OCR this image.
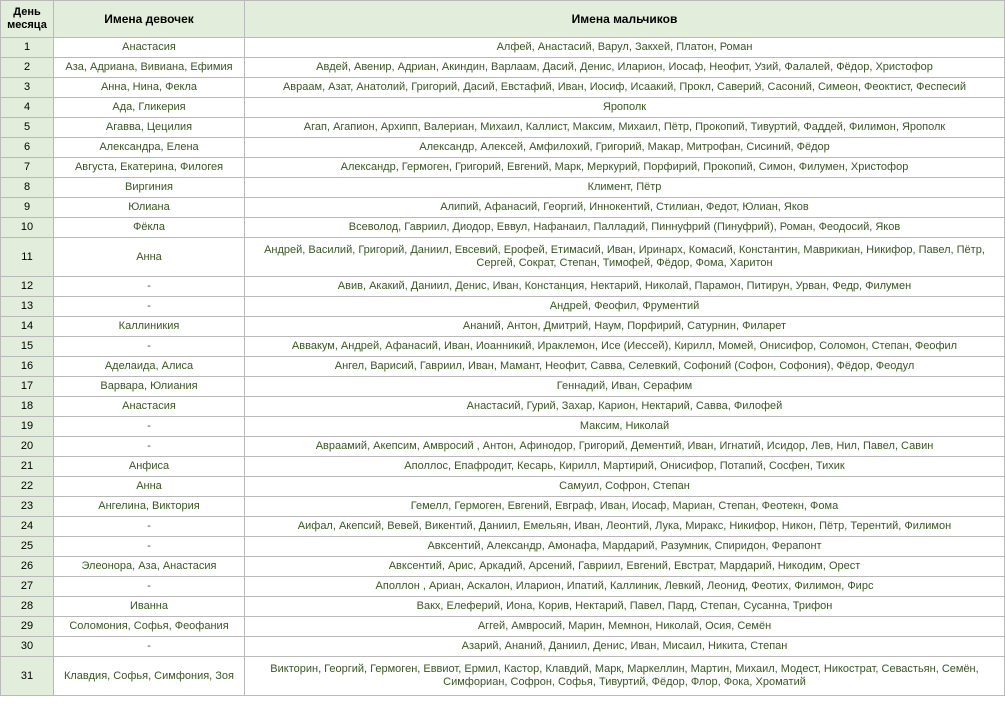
День месяца	Имена девочек	Имена мальчиков
1	Анастасия	Алфей, Анастасий, Варул, Закхей, Платон, Роман
2	Аза, Адриана, Вивиана, Ефимия	Авдей, Авенир, Адриан, Акиндин, Варлаам, Дасий, Денис, Иларион, Иосаф, Неофит, Узий, Фалалей, Фёдор, Христофор
3	Анна, Нина, Фекла	Авраам, Азат, Анатолий, Григорий, Дасий, Евстафий, Иван, Иосиф, Исаакий, Прокл, Саверий, Сасоний, Симеон, Феоктист, Феспесий
4	Ада, Гликерия	Ярополк
5	Агавва, Цецилия	Агап, Агапион, Архипп, Валериан, Михаил, Каллист, Максим, Михаил, Пётр, Прокопий, Тивуртий, Фаддей, Филимон, Ярополк
6	Александра, Елена	Александр, Алексей, Амфилохий, Григорий, Макар, Митрофан, Сисиний, Фёдор
7	Августа, Екатерина, Филогея	Александр, Гермоген, Григорий, Евгений, Марк, Меркурий, Порфирий, Прокопий, Симон, Филумен, Христофор
8	Виргиния	Климент, Пётр
9	Юлиана	Алипий, Афанасий, Георгий, Иннокентий, Стилиан, Федот, Юлиан, Яков
10	Фёкла	Всеволод, Гавриил, Диодор, Еввул, Нафанаил, Палладий, Пиннуфрий (Пинуфрий), Роман, Феодосий, Яков
11	Анна	Андрей, Василий, Григорий, Даниил, Евсевий, Ерофей, Етимасий, Иван, Иринарх, Комасий, Константин, Маврикиан, Никифор, Павел, Пётр, Сергей, Сократ, Степан, Тимофей, Фёдор, Фома, Харитон
12	-	Авив, Акакий, Даниил, Денис, Иван, Констанция, Нектарий, Николай, Парамон, Питирун, Урван, Федр, Филумен
13	-	Андрей, Феофил, Фрументий
14	Каллиникия	Ананий, Антон, Дмитрий, Наум, Порфирий, Сатурнин, Филарет
15	-	Аввакум, Андрей, Афанасий, Иван, Иоанникий, Ираклемон, Исе (Иессей), Кирилл, Момей, Онисифор, Соломон, Степан, Феофил
16	Аделаида, Алиса	Ангел, Варисий, Гавриил, Иван, Мамант, Неофит, Савва, Селевкий, Софоний (Софон, Софония), Фёдор, Феодул
17	Варвара, Юлиания	Геннадий, Иван, Серафим
18	Анастасия	Анастасий, Гурий, Захар, Карион, Нектарий, Савва, Филофей
19	-	Максим, Николай
20	-	Авраамий, Акепсим, Амвросий , Антон, Афинодор, Григорий, Дементий, Иван, Игнатий, Исидор, Лев, Нил, Павел, Савин
21	Анфиса	Аполлос, Епафродит, Кесарь, Кирилл, Мартирий, Онисифор, Потапий, Сосфен, Тихик
22	Анна	Самуил, Софрон, Степан
23	Ангелина, Виктория	Гемелл, Гермоген, Евгений, Евграф, Иван, Иосаф, Мариан, Степан, Феотекн, Фома
24	-	Аифал, Акепсий, Вевей, Викентий, Даниил, Емельян, Иван, Леонтий, Лука, Миракс, Никифор, Никон, Пётр, Терентий, Филимон
25	-	Авксентий, Александр, Амонафа, Мардарий, Разумник, Спиридон, Ферапонт
26	Элеонора, Аза, Анастасия	Авксентий, Арис, Аркадий, Арсений, Гавриил, Евгений, Евстрат, Мардарий, Никодим, Орест
27	-	Аполлон , Ариан, Аскалон, Иларион, Ипатий, Каллиник, Левкий, Леонид, Феотих, Филимон, Фирс
28	Иванна	Вакх, Елеферий, Иона, Корив, Нектарий, Павел, Пард, Степан, Сусанна, Трифон
29	Соломония, Софья, Феофания	Аггей, Амвросий, Марин, Мемнон, Николай, Осия, Семён
30	-	Азарий, Ананий, Даниил, Денис, Иван, Мисаил, Никита, Степан
31	Клавдия, Софья, Симфония, Зоя	Викторин, Георгий, Гермоген, Еввиот, Ермил, Кастор, Клавдий, Марк, Маркеллин, Мартин, Михаил, Модест, Никострат, Севастьян, Семён, Симфориан, Софрон, Софья, Тивуртий, Фёдор, Флор, Фока, Хроматий
